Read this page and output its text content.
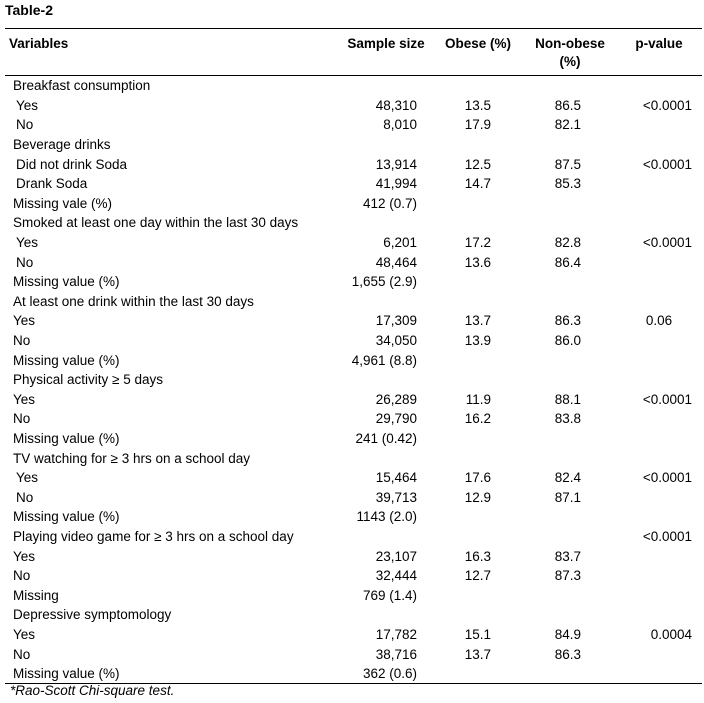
Table-2
Variables	Sample size	Obese (%)	Non-obese (%)	p-value
Breakfast consumption				
Yes	48,310	13.5	86.5	<0.0001
No	8,010	17.9	82.1	
Beverage drinks				
Did not drink Soda	13,914	12.5	87.5	<0.0001
Drank Soda	41,994	14.7	85.3	
Missing vale (%)	412 (0.7)			
Smoked at least one day within the last 30 days				
Yes	6,201	17.2	82.8	<0.0001
No	48,464	13.6	86.4	
Missing value (%)	1,655 (2.9)			
At least one drink within the last 30 days				
Yes	17,309	13.7	86.3	0.06
No	34,050	13.9	86.0	
Missing value (%)	4,961 (8.8)			
Physical activity ≥ 5 days				
Yes	26,289	11.9	88.1	<0.0001
No	29,790	16.2	83.8	
Missing value (%)	241 (0.42)			
TV watching for ≥ 3 hrs on a school day				
Yes	15,464	17.6	82.4	<0.0001
No	39,713	12.9	87.1	
Missing value (%)	1143 (2.0)			
Playing video game for ≥ 3 hrs on a school day				<0.0001
Yes	23,107	16.3	83.7	
No	32,444	12.7	87.3	
Missing	769 (1.4)			
Depressive symptomology				
Yes	17,782	15.1	84.9	0.0004
No	38,716	13.7	86.3	
Missing value (%)	362 (0.6)			
*Rao-Scott Chi-square test.
